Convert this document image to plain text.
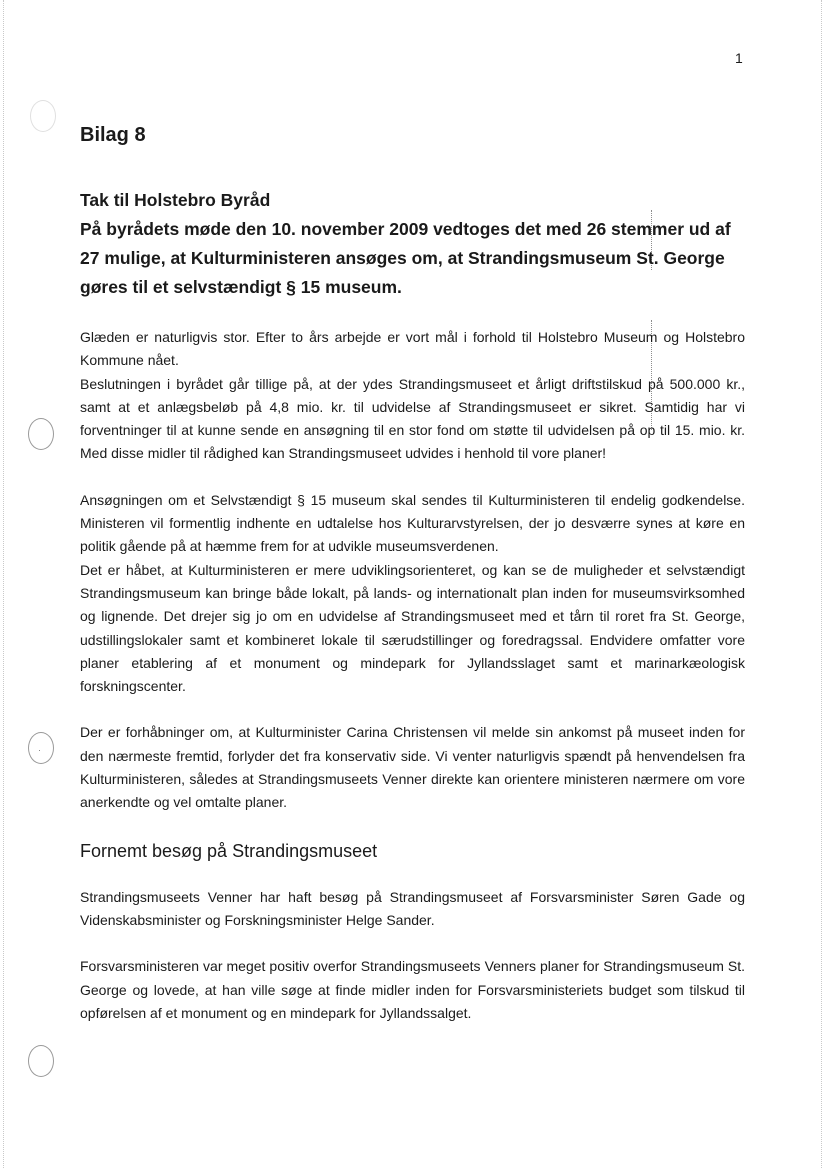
·
1
Bilag 8
Tak til Holstebro Byråd
På byrådets møde den 10. november 2009 vedtoges det med 26 stemmer ud af 27 mulige, at Kulturministeren ansøges om, at Strandingsmuseum St. George gøres til et selvstændigt § 15 museum.

Glæden er naturligvis stor. Efter to års arbejde er vort mål i forhold til Holstebro Museum og Holstebro Kommune nået.

Beslutningen i byrådet går tillige på, at der ydes Strandingsmuseet et årligt driftstilskud på 500.000 kr., samt at et anlægsbeløb på 4,8 mio. kr. til udvidelse af Strandingsmuseet er sikret. Samtidig har vi forventninger til at kunne sende en ansøgning til en stor fond om støtte til udvidelsen på op til 15. mio. kr. Med disse midler til rådighed kan Strandingsmuseet udvides i henhold til vore planer!

Ansøgningen om et Selvstændigt § 15 museum skal sendes til Kulturministeren til endelig godkendelse. Ministeren vil formentlig indhente en udtalelse hos Kulturarvstyrelsen, der jo desværre synes at køre en politik gående på at hæmme frem for at udvikle museumsverdenen.

Det er håbet, at Kulturministeren er mere udviklingsorienteret, og kan se de muligheder et selvstændigt Strandingsmuseum kan bringe både lokalt, på lands- og internationalt plan inden for museumsvirksomhed og lignende. Det drejer sig jo om en udvidelse af Strandingsmuseet med et tårn til roret fra St. George, udstillingslokaler samt et kombineret lokale til særudstillinger og foredragssal. Endvidere omfatter vore planer etablering af et monument og mindepark for Jyllandsslaget samt et marinarkæologisk forskningscenter.

Der er forhåbninger om, at Kulturminister Carina Christensen vil melde sin ankomst på museet inden for den nærmeste fremtid, forlyder det fra konservativ side. Vi venter naturligvis spændt på henvendelsen fra Kulturministeren, således at Strandingsmuseets Venner direkte kan orientere ministeren nærmere om vore anerkendte og vel omtalte planer.

Fornemt besøg på Strandingsmuseet

Strandingsmuseets Venner har haft besøg på Strandingsmuseet af Forsvarsminister Søren Gade og Videnskabsminister og Forskningsminister Helge Sander.

Forsvarsministeren var meget positiv overfor Strandingsmuseets Venners planer for Strandingsmuseum St. George og lovede, at han ville søge at finde midler inden for Forsvarsministeriets budget som tilskud til opførelsen af et monument og en mindepark for Jyllandssalget.
